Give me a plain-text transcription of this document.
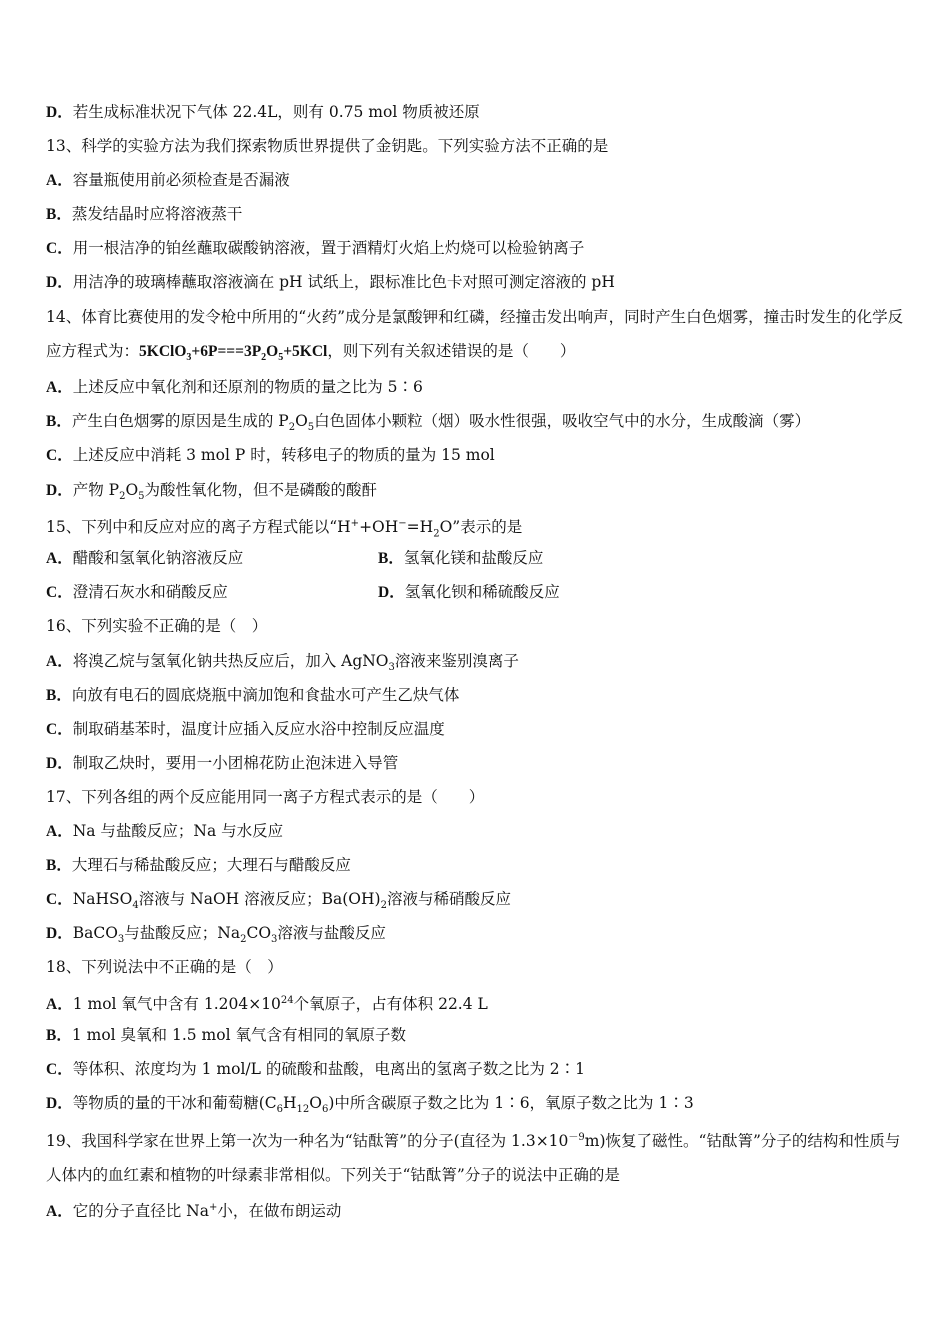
D．若生成标准状况下气体 22.4L，则有 0.75 mol 物质被还原
13、科学的实验方法为我们探索物质世界提供了金钥匙。下列实验方法不正确的是
A．容量瓶使用前必须检查是否漏液
B．蒸发结晶时应将溶液蒸干
C．用一根洁净的铂丝蘸取碳酸钠溶液，置于酒精灯火焰上灼烧可以检验钠离子
D．用洁净的玻璃棒蘸取溶液滴在 pH 试纸上，跟标准比色卡对照可测定溶液的 pH
14、体育比赛使用的发令枪中所用的“火药”成分是氯酸钾和红磷，经撞击发出响声，同时产生白色烟雾，撞击时发生的化学反应方程式为：$5KClO_3+6P===3P_2O_5+5KCl$，则下列有关叙述错误的是（　　）
A．上述反应中氧化剂和还原剂的物质的量之比为 5∶6
B．产生白色烟雾的原因是生成的 $P_2O_5$白色固体小颗粒（烟）吸水性很强，吸收空气中的水分，生成酸滴（雾）
C．上述反应中消耗 3 mol P 时，转移电子的物质的量为 15 mol
D．产物 $P_2O_5$为酸性氧化物，但不是磷酸的酸酐
15、下列中和反应对应的离子方程式能以“$H^++OH^-=H_2O$”表示的是
A．醋酸和氢氧化钠溶液反应	B．氢氧化镁和盐酸反应
C．澄清石灰水和硝酸反应	D．氢氧化钡和稀硫酸反应
16、下列实验不正确的是（　）
A．将溴乙烷与氢氧化钠共热反应后，加入 AgNO$_3$溶液来鉴别溴离子
B．向放有电石的圆底烧瓶中滴加饱和食盐水可产生乙炔气体
C．制取硝基苯时，温度计应插入反应水浴中控制反应温度
D．制取乙炔时，要用一小团棉花防止泡沫进入导管
17、下列各组的两个反应能用同一离子方程式表示的是（　　）
A．Na 与盐酸反应；Na 与水反应
B．大理石与稀盐酸反应；大理石与醋酸反应
C．NaHSO$_4$溶液与 NaOH 溶液反应；$Ba(OH)_2$溶液与稀硝酸反应
D．BaCO$_3$与盐酸反应；$Na_2CO_3$溶液与盐酸反应
18、下列说法中不正确的是（　）
A．1 mol 氧气中含有 $1.204\times 10^{24}$个氧原子，占有体积 22.4 L
B．1 mol 臭氧和 1.5 mol 氧气含有相同的氧原子数
C．等体积、浓度均为 1 mol/L 的硫酸和盐酸，电离出的氢离子数之比为 2∶1
D．等物质的量的干冰和葡萄糖$(C_6H_{12}O_6)$中所含碳原子数之比为 1∶6，氧原子数之比为 1∶3
19、我国科学家在世界上第一次为一种名为“钴酞箐”的分子(直径为 $1.3\times 10^{-9}m$)恢复了磁性。“钴酞箐”分子的结构和性质与人体内的血红素和植物的叶绿素非常相似。下列关于“钴酞箐”分子的说法中正确的是
A．它的分子直径比 Na+小，在做布朗运动
